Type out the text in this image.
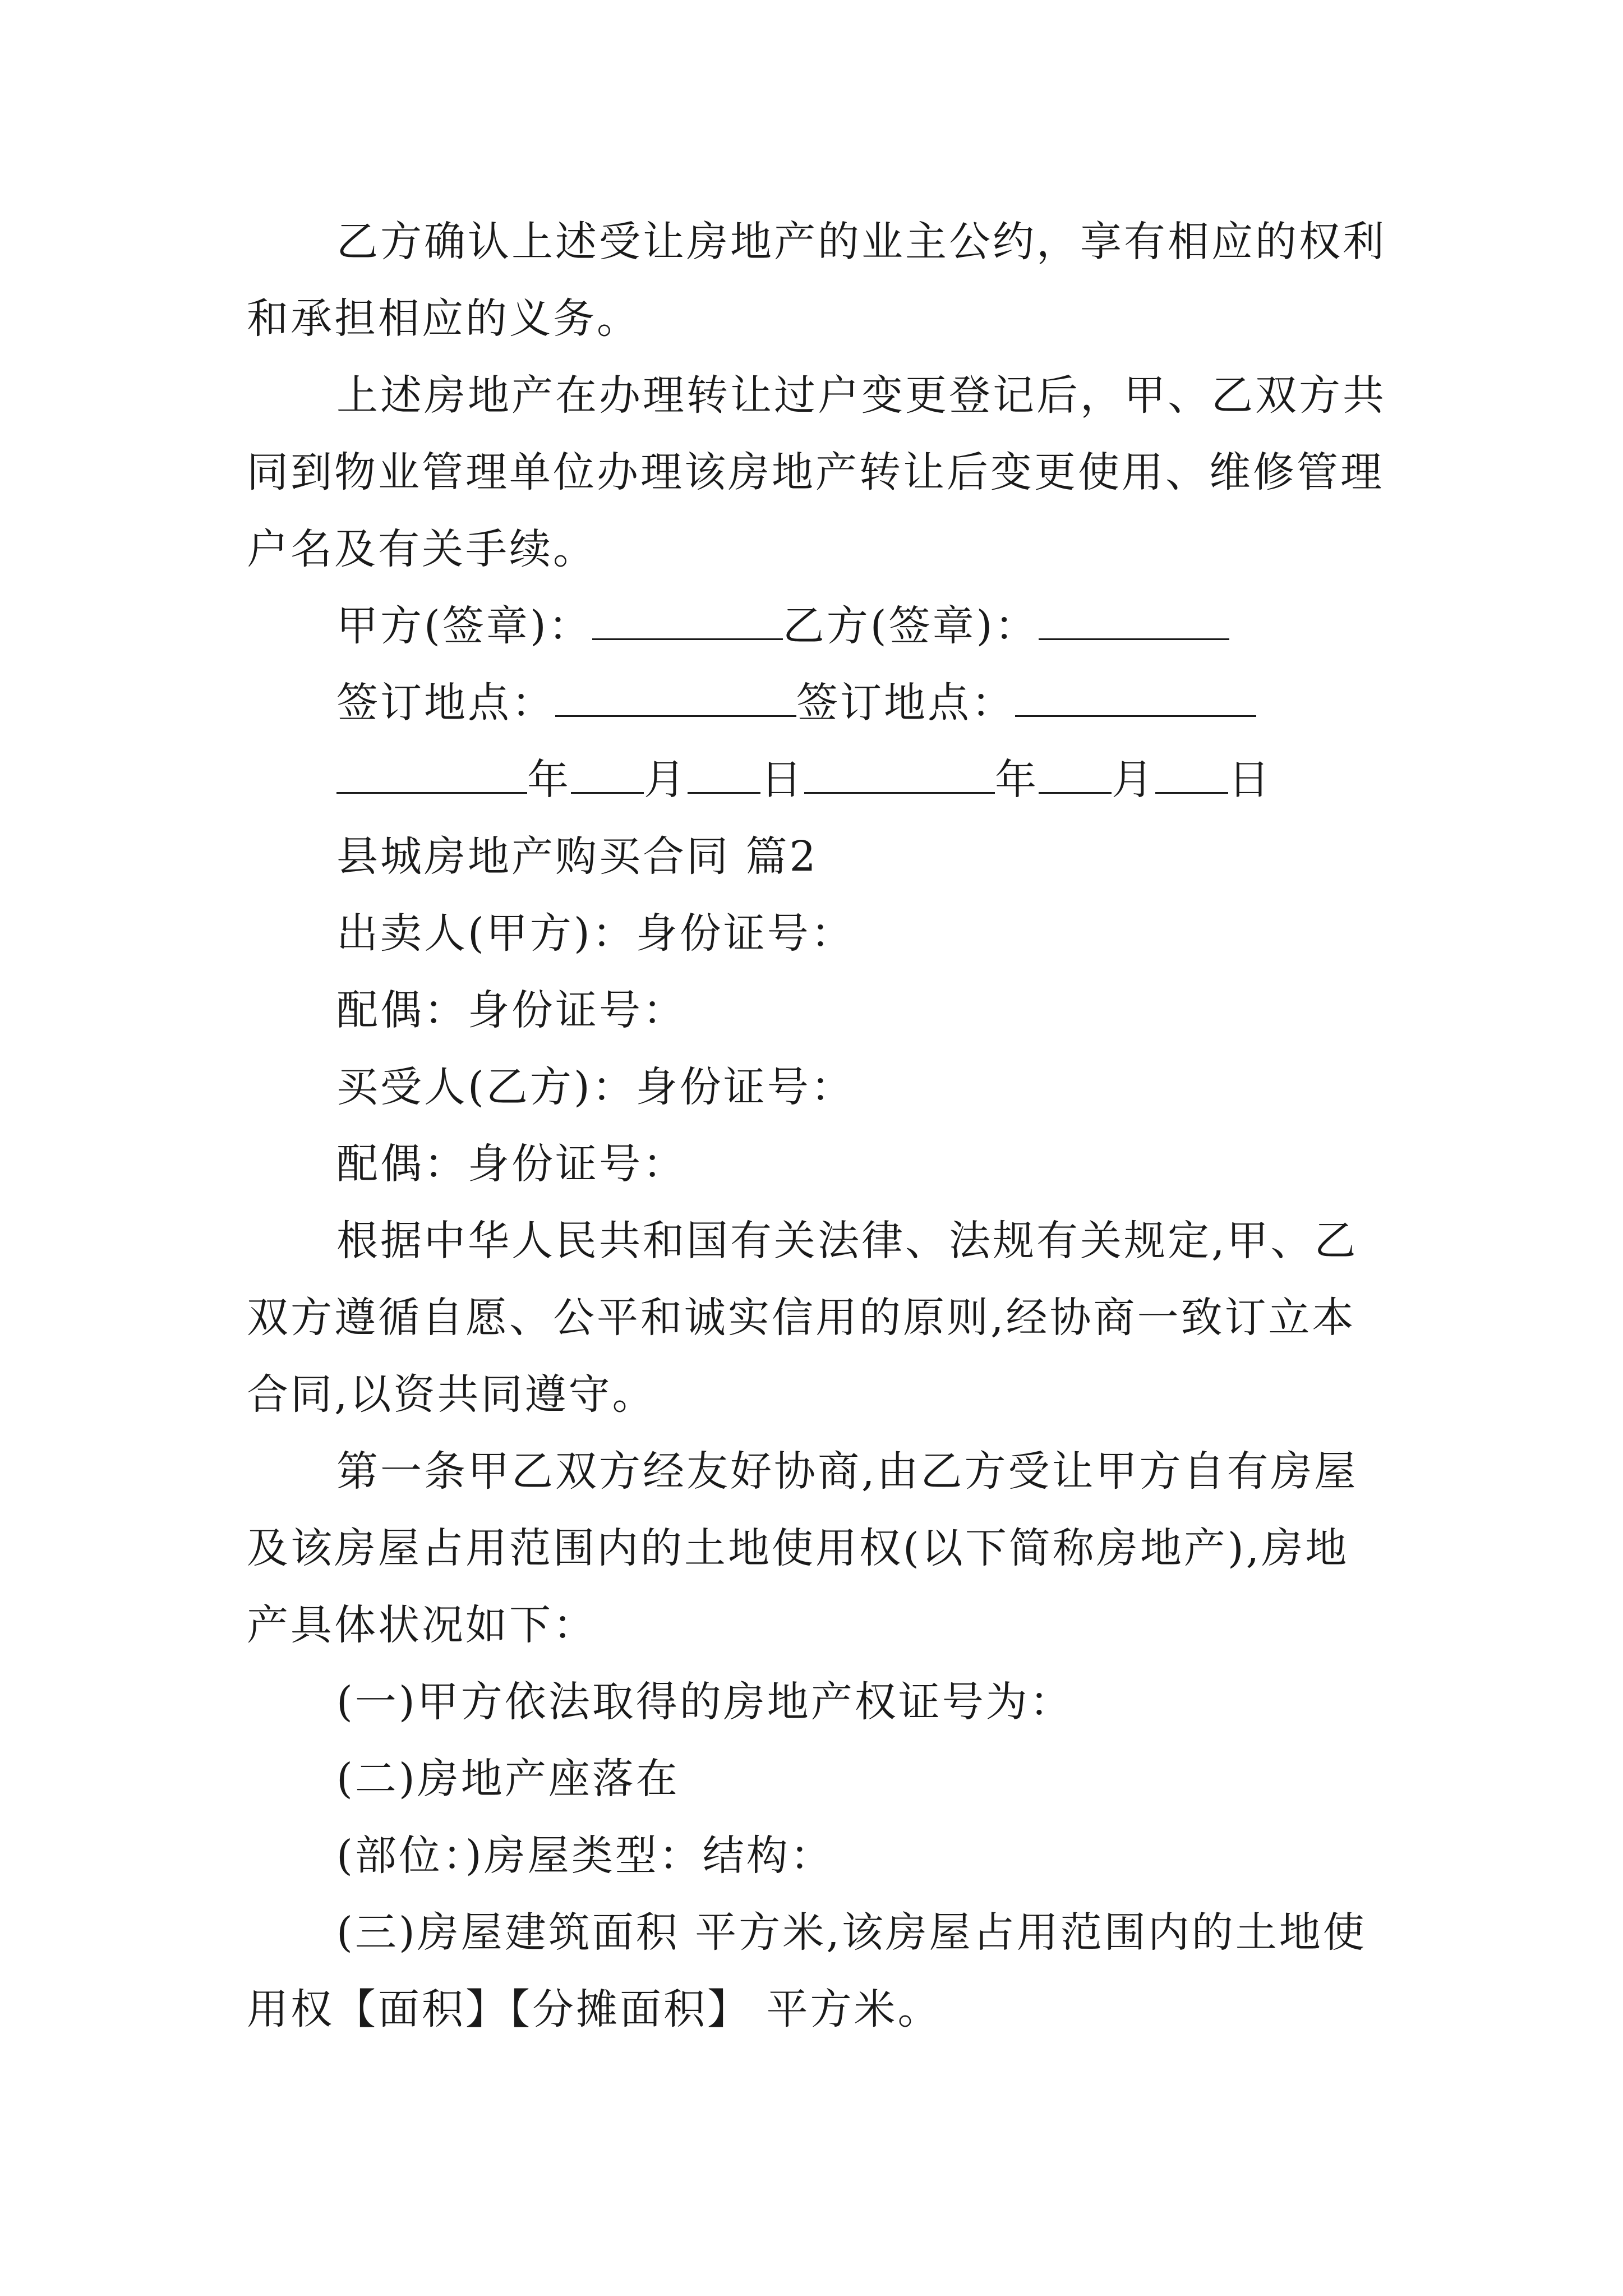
乙方确认上述受让房地产的业主公约，享有相应的权利
和承担相应的义务。
上述房地产在办理转让过户变更登记后，甲、乙双方共
同到物业管理单位办理该房地产转让后变更使用、维修管理
户名及有关手续。
甲方(签章)：	乙方(签章)：
签订地点：	签订地点：
年 月 日	年 月 日
县城房地产购买合同 篇2
出卖人(甲方)：身份证号：
配偶：身份证号：
买受人(乙方)：身份证号：
配偶：身份证号：
根据中华人民共和国有关法律、法规有关规定,甲、乙
双方遵循自愿、公平和诚实信用的原则,经协商一致订立本
合同,以资共同遵守。
第一条甲乙双方经友好协商,由乙方受让甲方自有房屋
及该房屋占用范围内的土地使用权(以下简称房地产),房地
产具体状况如下：
(一)甲方依法取得的房地产权证号为：
(二)房地产座落在
(部位：)房屋类型：结构：
(三)房屋建筑面积 平方米,该房屋占用范围内的土地使
用权【面积】【分摊面积】 平方米。
